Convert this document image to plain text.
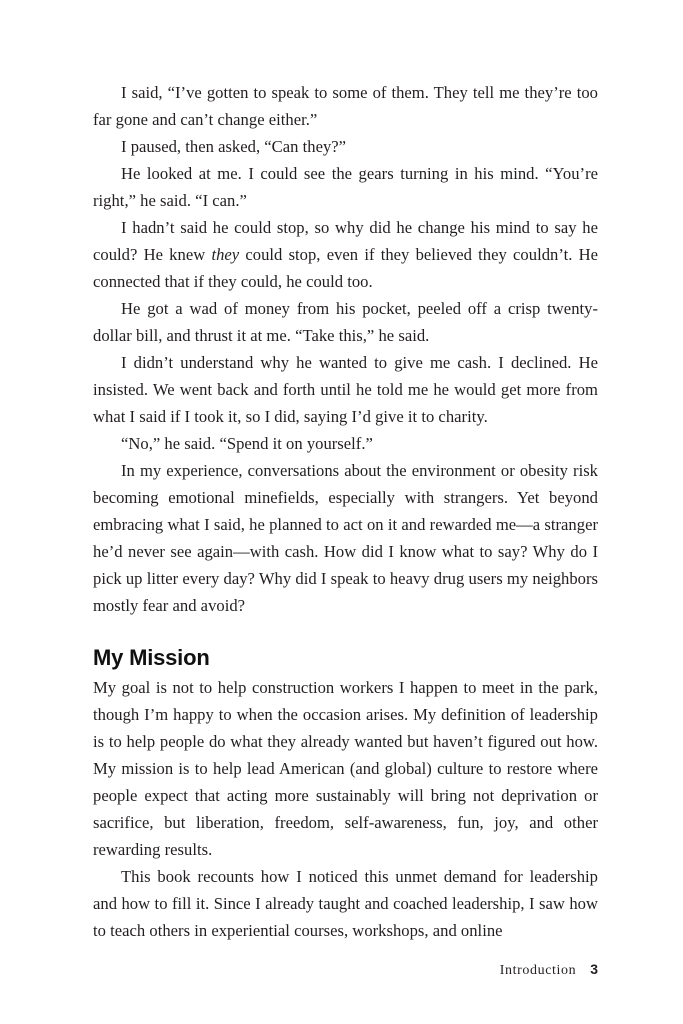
I said, “I’ve gotten to speak to some of them. They tell me they’re too far gone and can’t change either.”

I paused, then asked, “Can they?”

He looked at me. I could see the gears turning in his mind. “You’re right,” he said. “I can.”

I hadn’t said he could stop, so why did he change his mind to say he could? He knew they could stop, even if they believed they couldn’t. He connected that if they could, he could too.

He got a wad of money from his pocket, peeled off a crisp twenty-dollar bill, and thrust it at me. “Take this,” he said.

I didn’t understand why he wanted to give me cash. I declined. He insisted. We went back and forth until he told me he would get more from what I said if I took it, so I did, saying I’d give it to charity.

“No,” he said. “Spend it on yourself.”

In my experience, conversations about the environment or obesity risk becoming emotional minefields, especially with strangers. Yet beyond embracing what I said, he planned to act on it and rewarded me—a stranger he’d never see again—with cash. How did I know what to say? Why do I pick up litter every day? Why did I speak to heavy drug users my neighbors mostly fear and avoid?

My Mission

My goal is not to help construction workers I happen to meet in the park, though I’m happy to when the occasion arises. My definition of leadership is to help people do what they already wanted but haven’t figured out how. My mission is to help lead American (and global) culture to restore where people expect that acting more sustainably will bring not deprivation or sacrifice, but liberation, freedom, self-awareness, fun, joy, and other rewarding results.

This book recounts how I noticed this unmet demand for leadership and how to fill it. Since I already taught and coached leadership, I saw how to teach others in experiential courses, workshops, and online

Introduction 3
